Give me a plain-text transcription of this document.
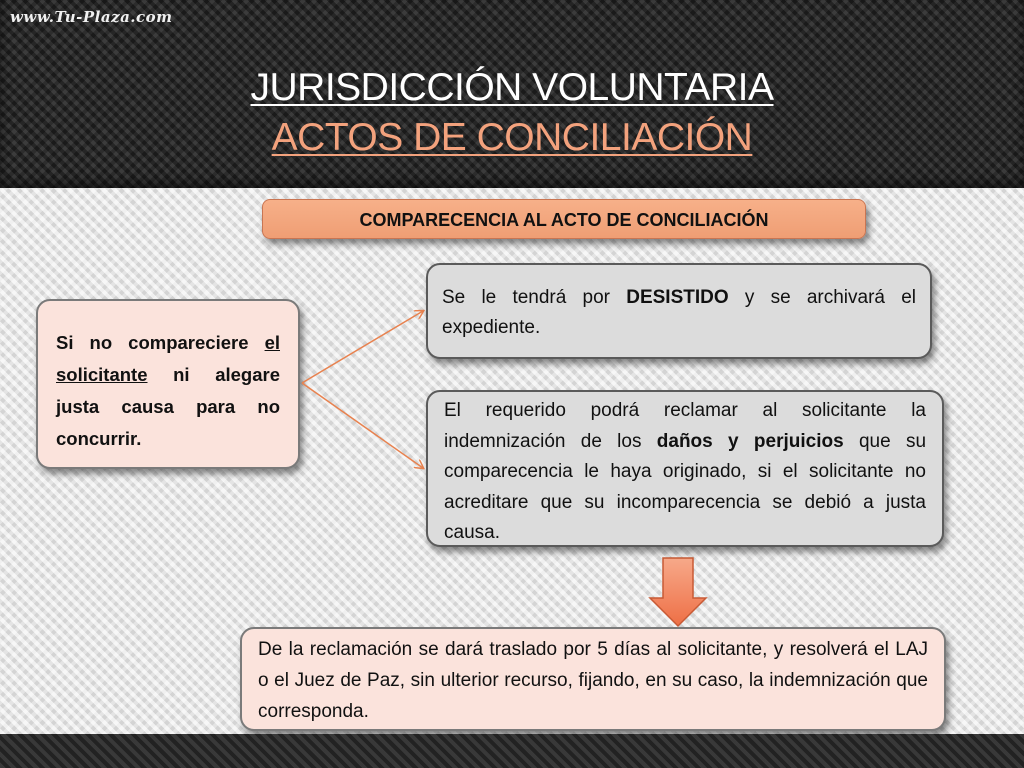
JURISDICCIÓN VOLUNTARIA
ACTOS DE CONCILIACIÓN
COMPARECENCIA AL ACTO DE CONCILIACIÓN
Si no compareciere el solicitante ni alegare justa causa para no concurrir.
Se le tendrá por DESISTIDO y se archivará el expediente.
El requerido podrá reclamar al solicitante la indemnización de los daños y perjuicios que su comparecencia le haya originado, si el solicitante no acreditare que su incomparecencia se debió a justa causa.
De la reclamación se dará traslado por 5 días al solicitante, y resolverá el LAJ o el Juez de Paz, sin ulterior recurso, fijando, en su caso, la indemnización que corresponda.
www.Tu-Plaza.com
